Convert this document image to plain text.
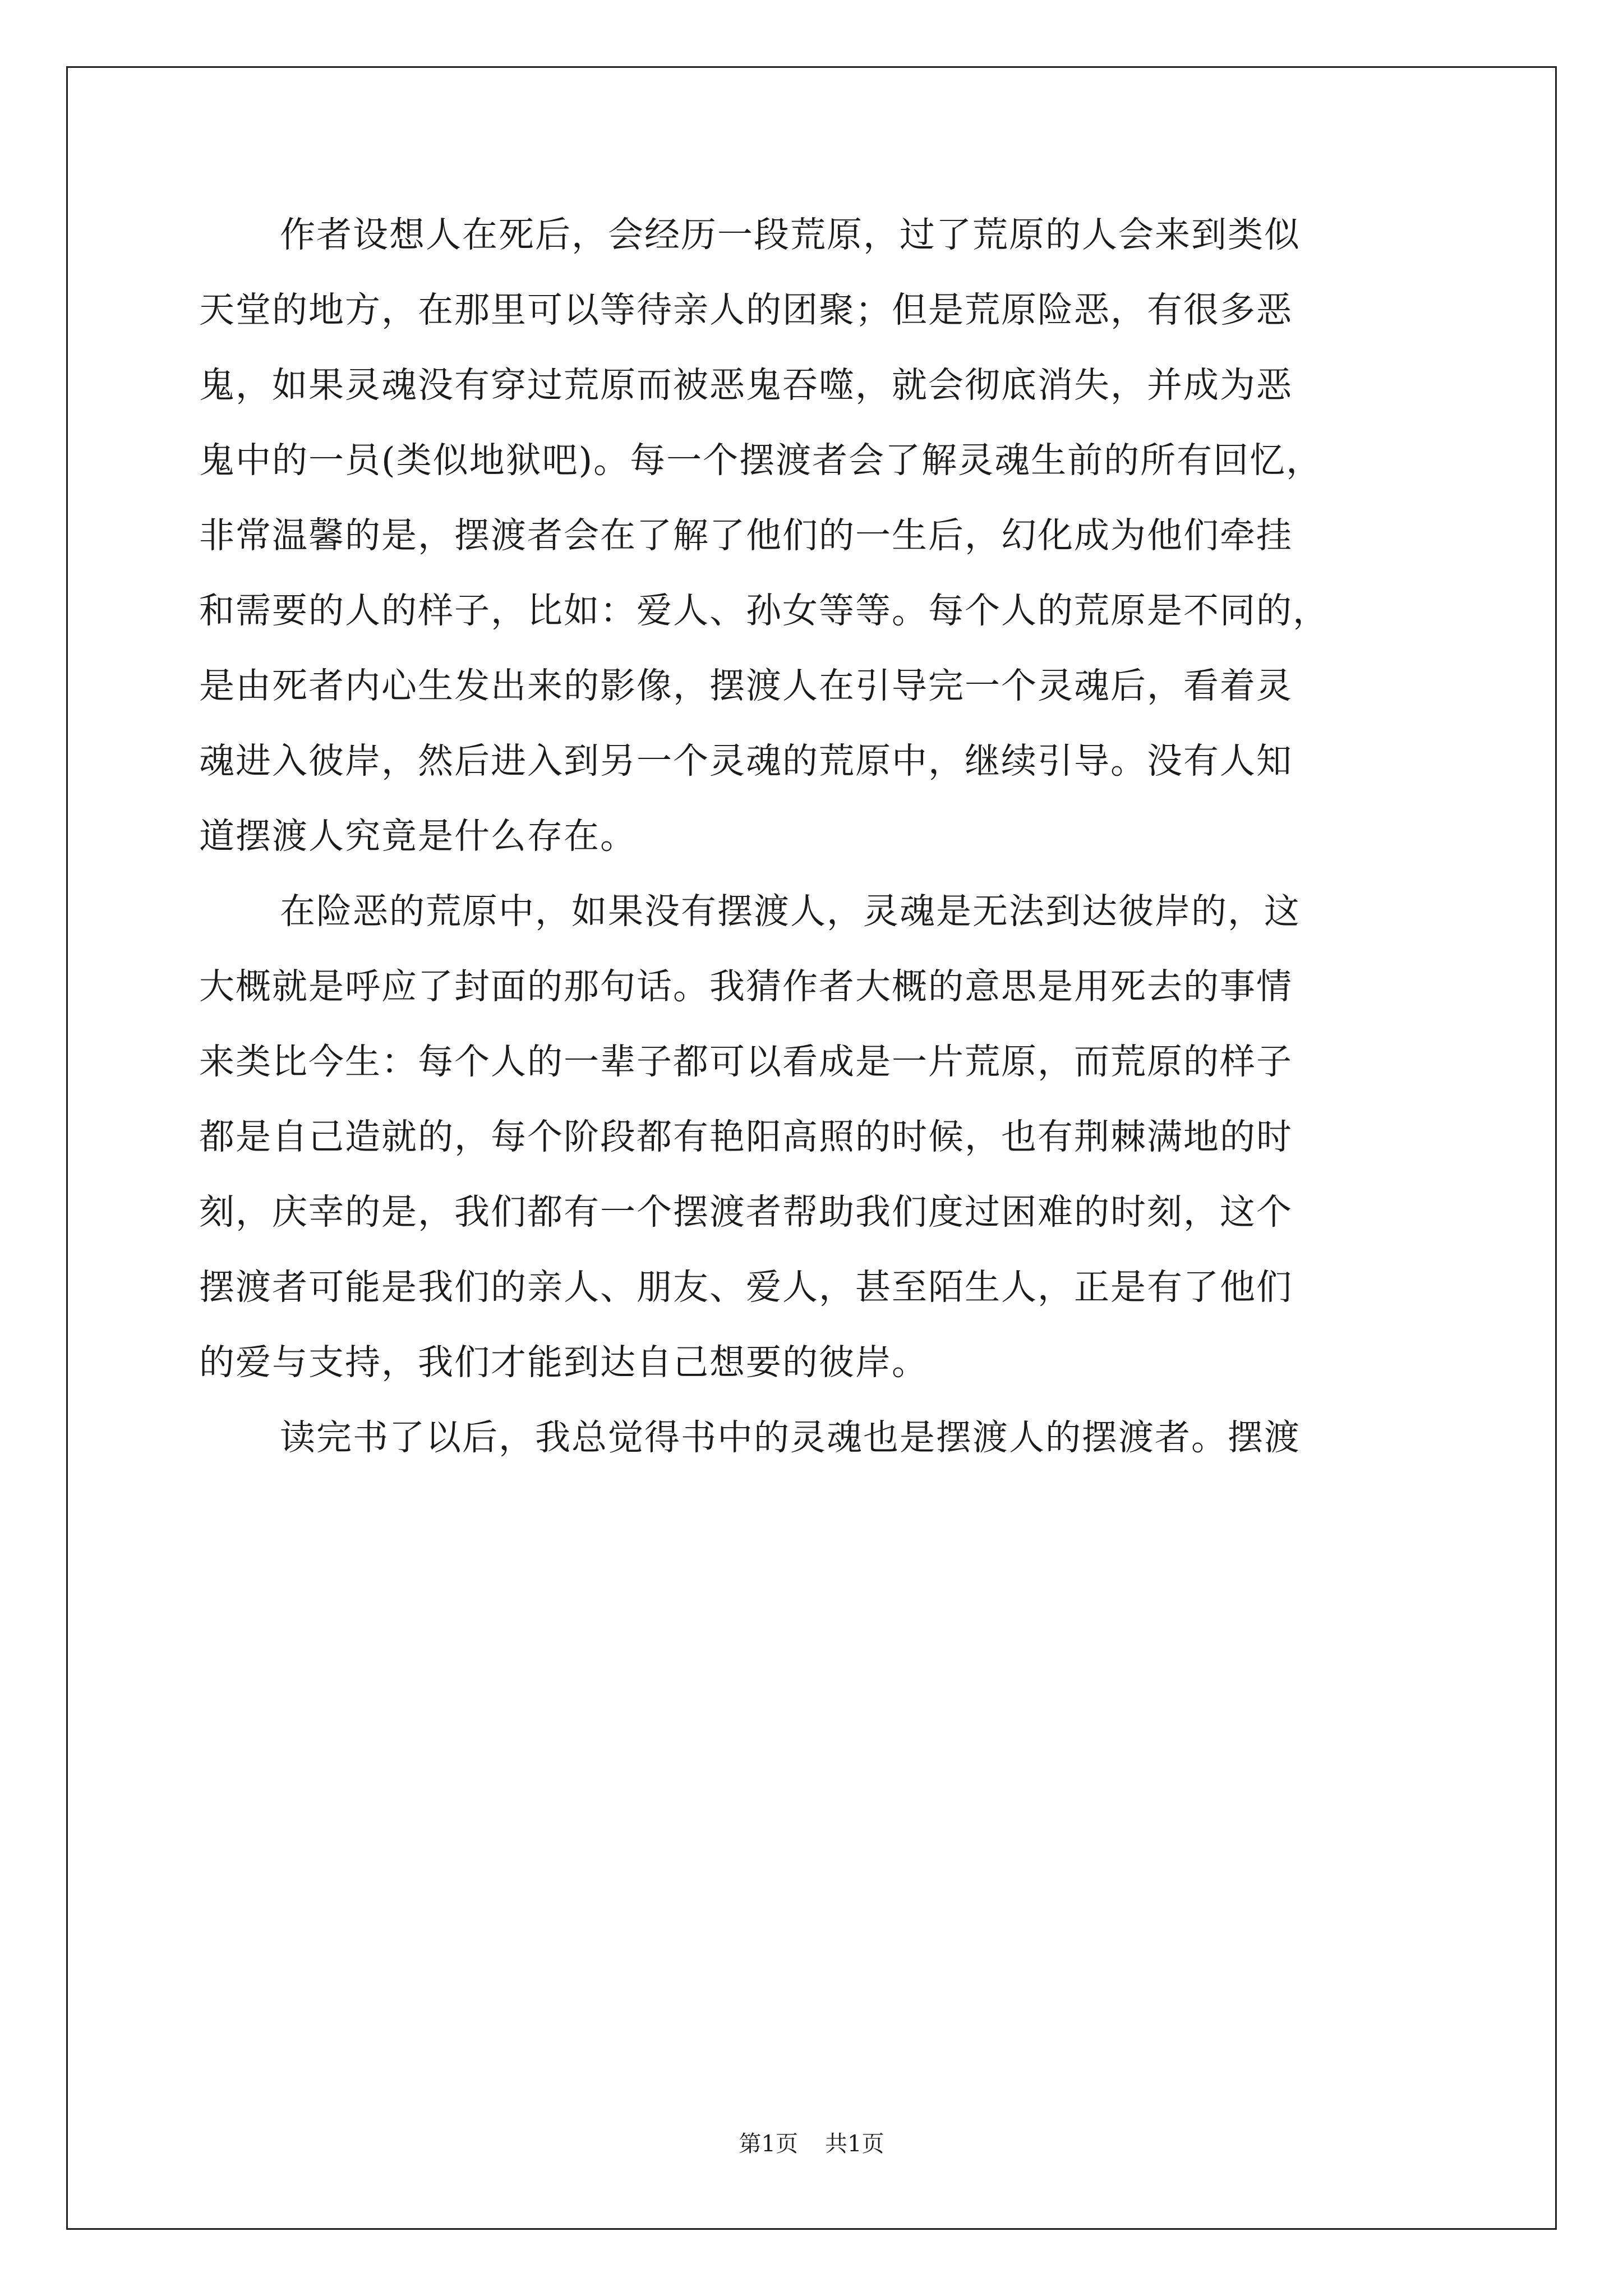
作者设想人在死后，会经历一段荒原，过了荒原的人会来到类似
天堂的地方，在那里可以等待亲人的团聚；但是荒原险恶，有很多恶
鬼，如果灵魂没有穿过荒原而被恶鬼吞噬，就会彻底消失，并成为恶
鬼中的一员(类似地狱吧)。每一个摆渡者会了解灵魂生前的所有回忆，
非常温馨的是，摆渡者会在了解了他们的一生后，幻化成为他们牵挂
和需要的人的样子，比如：爱人、孙女等等。每个人的荒原是不同的，
是由死者内心生发出来的影像，摆渡人在引导完一个灵魂后，看着灵
魂进入彼岸，然后进入到另一个灵魂的荒原中，继续引导。没有人知
道摆渡人究竟是什么存在。
在险恶的荒原中，如果没有摆渡人，灵魂是无法到达彼岸的，这
大概就是呼应了封面的那句话。我猜作者大概的意思是用死去的事情
来类比今生：每个人的一辈子都可以看成是一片荒原，而荒原的样子
都是自己造就的，每个阶段都有艳阳高照的时候，也有荆棘满地的时
刻，庆幸的是，我们都有一个摆渡者帮助我们度过困难的时刻，这个
摆渡者可能是我们的亲人、朋友、爱人，甚至陌生人，正是有了他们
的爱与支持，我们才能到达自己想要的彼岸。
读完书了以后，我总觉得书中的灵魂也是摆渡人的摆渡者。摆渡
第1页 共1页
